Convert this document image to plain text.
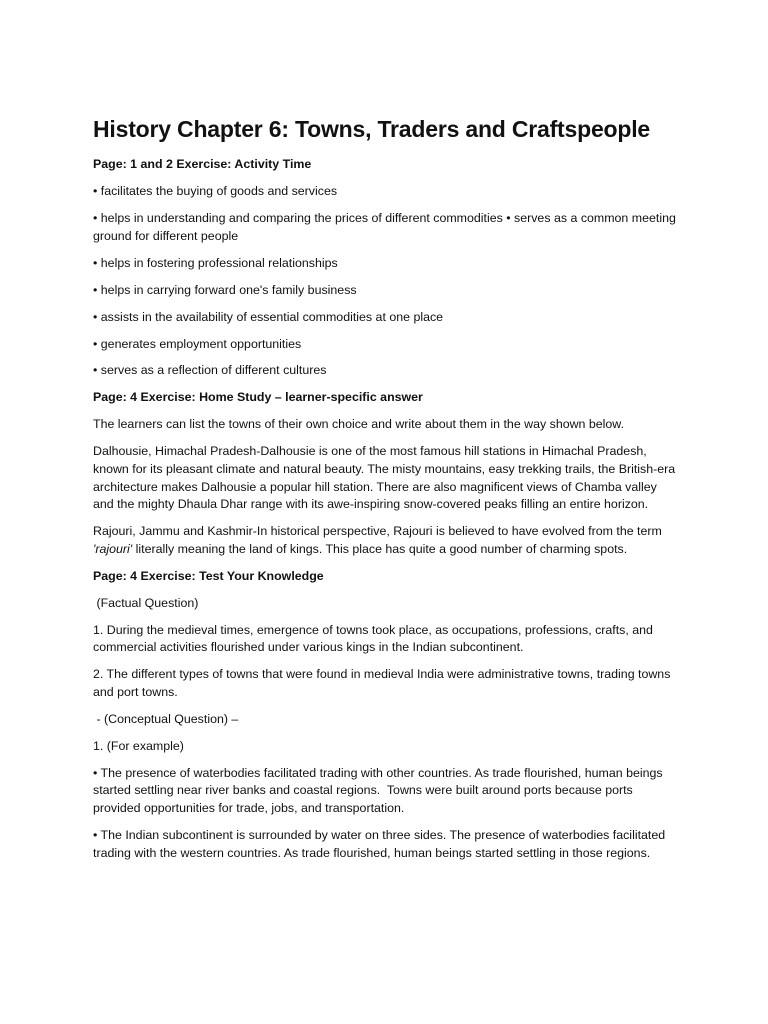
History Chapter 6: Towns, Traders and Craftspeople
Page: 1 and 2 Exercise: Activity Time
• facilitates the buying of goods and services
• helps in understanding and comparing the prices of different commodities • serves as a common meeting ground for different people
• helps in fostering professional relationships
• helps in carrying forward one's family business
• assists in the availability of essential commodities at one place
• generates employment opportunities
• serves as a reflection of different cultures
Page: 4 Exercise: Home Study – learner-specific answer
The learners can list the towns of their own choice and write about them in the way shown below.
Dalhousie, Himachal Pradesh-Dalhousie is one of the most famous hill stations in Himachal Pradesh, known for its pleasant climate and natural beauty. The misty mountains, easy trekking trails, the British-era architecture makes Dalhousie a popular hill station. There are also magnificent views of Chamba valley and the mighty Dhaula Dhar range with its awe-inspiring snow-covered peaks filling an entire horizon.
Rajouri, Jammu and Kashmir-In historical perspective, Rajouri is believed to have evolved from the term 'rajouri' literally meaning the land of kings. This place has quite a good number of charming spots.
Page: 4 Exercise: Test Your Knowledge
(Factual Question)
1. During the medieval times, emergence of towns took place, as occupations, professions, crafts, and commercial activities flourished under various kings in the Indian subcontinent.
2. The different types of towns that were found in medieval India were administrative towns, trading towns and port towns.
- (Conceptual Question) –
1. (For example)
• The presence of waterbodies facilitated trading with other countries. As trade flourished, human beings started settling near river banks and coastal regions.  Towns were built around ports because ports provided opportunities for trade, jobs, and transportation.
• The Indian subcontinent is surrounded by water on three sides. The presence of waterbodies facilitated trading with the western countries. As trade flourished, human beings started settling in those regions.
